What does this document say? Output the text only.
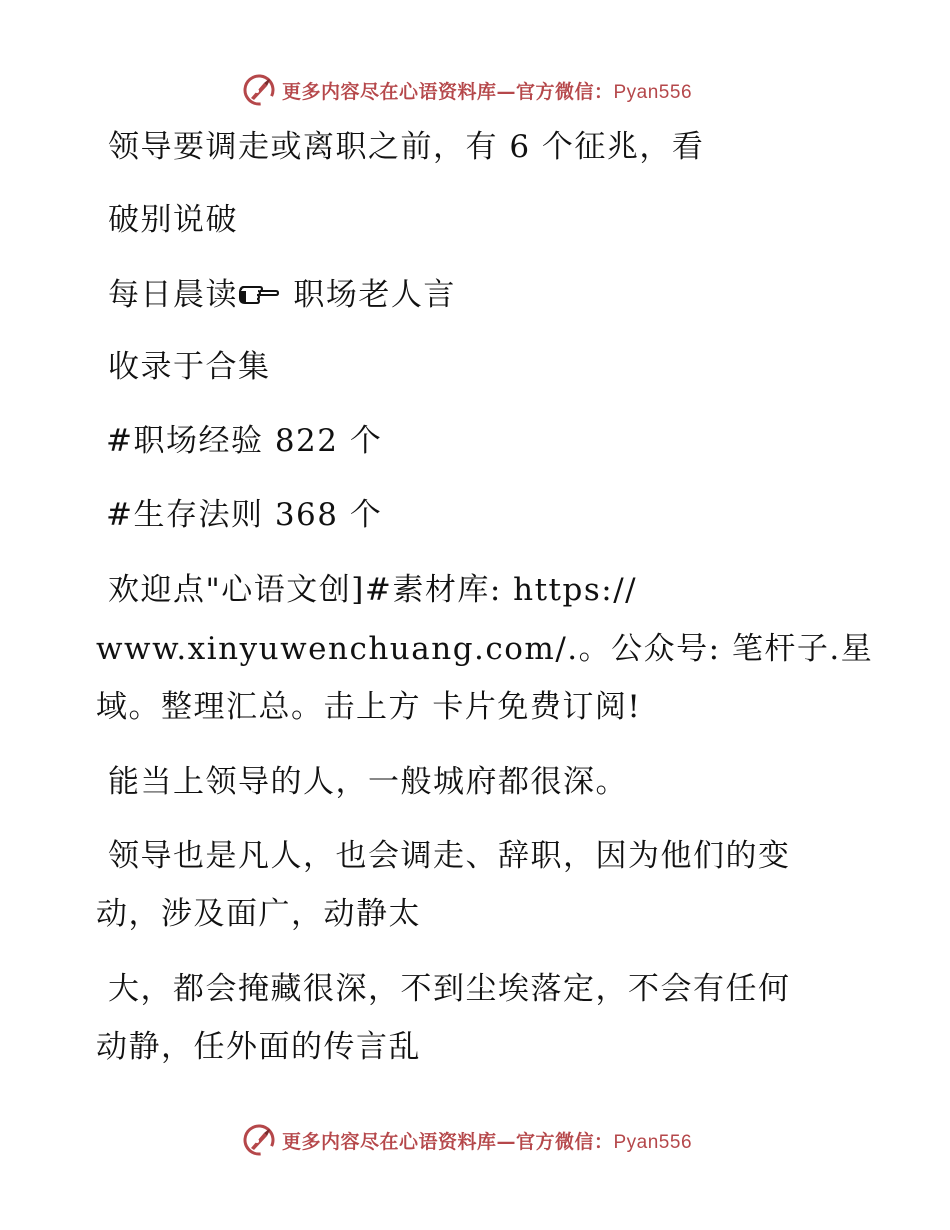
更多内容尽在心语资料库—官方微信：Pyan556
领导要调走或离职之前，有 6 个征兆，看
破别说破
每日晨读 职场老人言
收录于合集
#职场经验 822 个
#生存法则 368 个
欢迎点"心语文创]#素材库: https://
www.xinyuwenchuang.com/.。公众号: 笔杆子.星
域。整理汇总。击上方 卡片免费订阅!
能当上领导的人，一般城府都很深。
领导也是凡人，也会调走、辞职，因为他们的变
动，涉及面广，动静太
大，都会掩藏很深，不到尘埃落定，不会有任何
动静，任外面的传言乱
更多内容尽在心语资料库—官方微信：Pyan556
